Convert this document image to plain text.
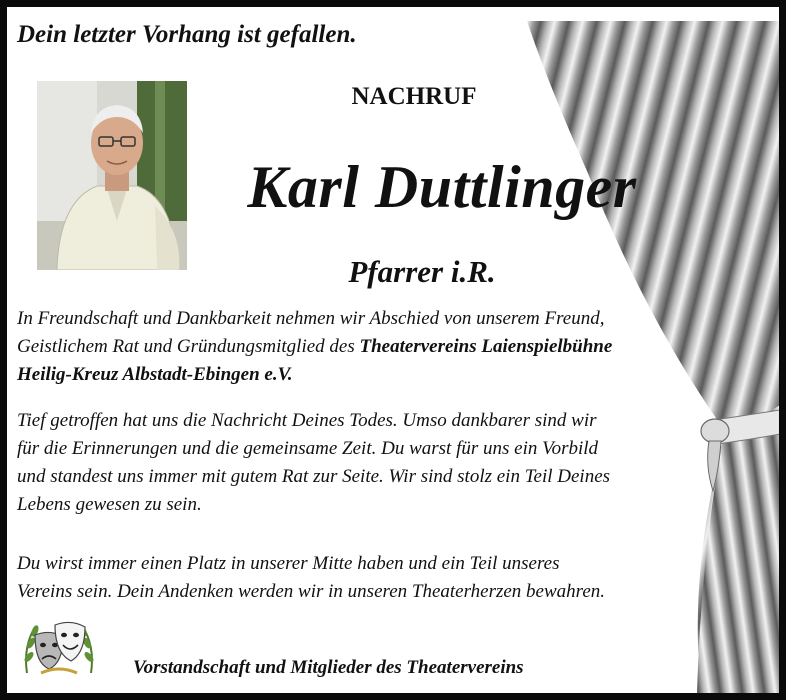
Dein letzter Vorhang ist gefallen.
NACHRUF
Karl Duttlinger
Pfarrer i.R.
In Freundschaft und Dankbarkeit nehmen wir Abschied von unserem Freund,
Geistlichem Rat und Gründungsmitglied des Theatervereins Laienspielbühne
Heilig-Kreuz Albstadt-Ebingen e.V.
Tief getroffen hat uns die Nachricht Deines Todes. Umso dankbarer sind wir
für die Erinnerungen und die gemeinsame Zeit. Du warst für uns ein Vorbild
und standest uns immer mit gutem Rat zur Seite. Wir sind stolz ein Teil Deines
Lebens gewesen zu sein.
Du wirst immer einen Platz in unserer Mitte haben und ein Teil unseres
Vereins sein. Dein Andenken werden wir in unseren Theaterherzen bewahren.
Vorstandschaft und Mitglieder des Theatervereins
